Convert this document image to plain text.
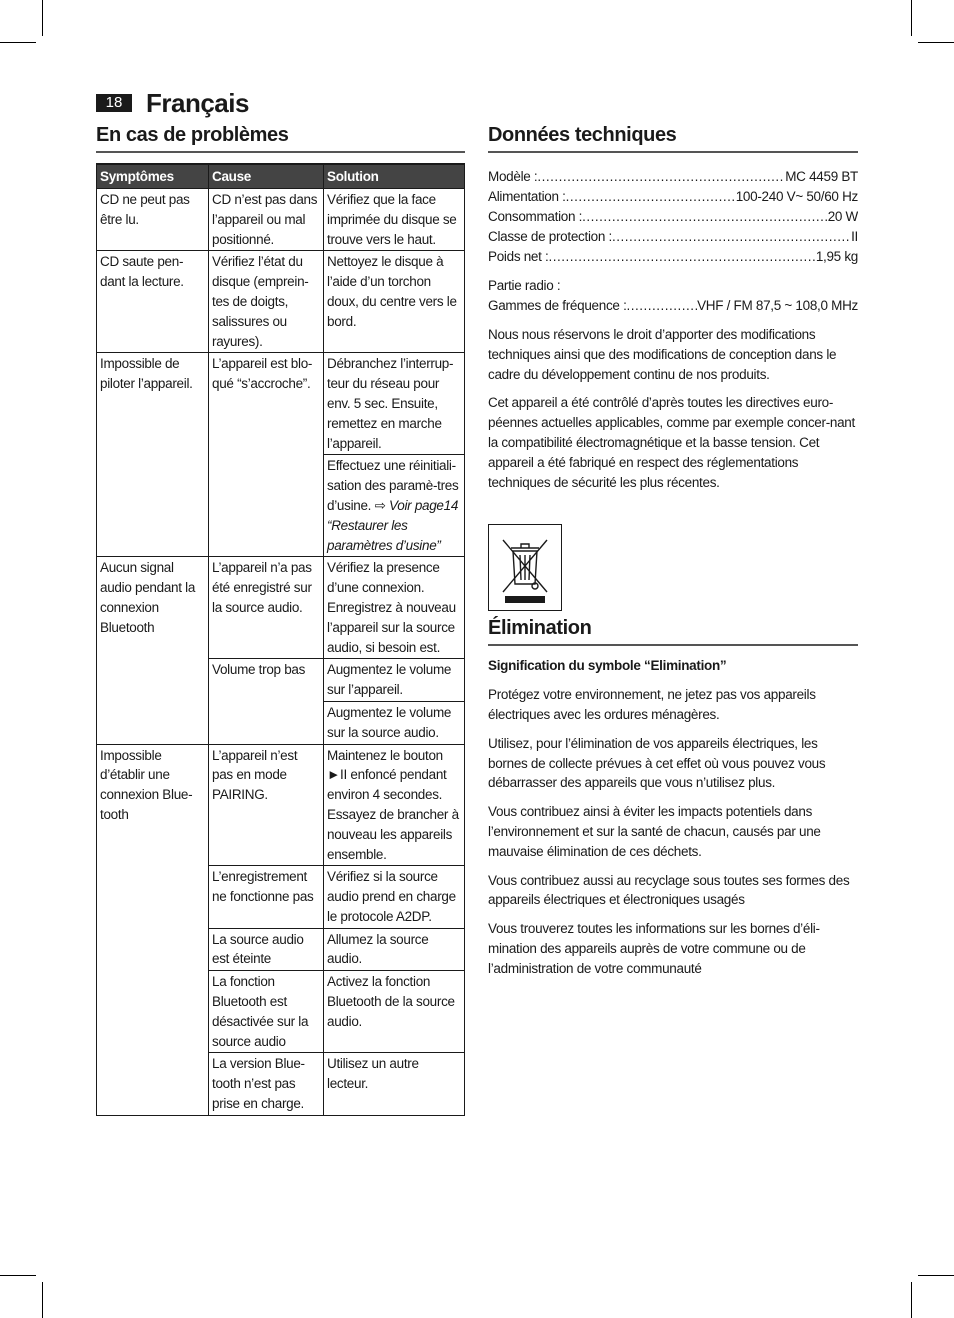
18 Français
En cas de problèmes
Symptômes	Cause	Solution
CD ne peut pas être lu.	CD n’est pas dans l’appareil ou mal positionné.	Vérifiez que la face imprimée du disque se trouve vers le haut.
CD saute pen-dant la lecture.	Vérifiez l’état du disque (emprein-tes de doigts, salissures ou rayures).	Nettoyez le disque à l’aide d’un torchon doux, du centre vers le bord.
Impossible de piloter l’appareil.	L’appareil est blo-qué “s’accroche”.	Débranchez l’interrup-teur du réseau pour env. 5 sec. Ensuite, remettez en marche l’appareil.
		Effectuez une réinitiali-sation des paramè-tres d’usine. ⇨ Voir page14 “Restaurer les paramètres d’usine”
Aucun signal audio pendant la connexion Bluetooth	L’appareil n’a pas été enregistré sur la source audio.	Vérifiez la presence d’une connexion. Enregistrez à nouveau l’appareil sur la source audio, si besoin est.
	Volume trop bas	Augmentez le volume sur l’appareil.
		Augmentez le volume sur la source audio.
Impossible d’établir une connexion Blue-tooth	L’appareil n’est pas en mode PAIRING.	Maintenez le bouton ►II enfoncé pendant environ 4 secondes. Essayez de brancher à nouveau les appareils ensemble.
	L’enregistrement ne fonctionne pas	Vérifiez si la source audio prend en charge le protocole A2DP.
	La source audio est éteinte	Allumez la source audio.
	La fonction Bluetooth est désactivée sur la source audio	Activez la fonction Bluetooth de la source audio.
	La version Blue-tooth n’est pas prise en charge.	Utilisez un autre lecteur.
Données techniques
Modèle : .....	MC 4459 BT
Alimentation : .....	100-240 V~ 50/60 Hz
Consommation : .....	20 W
Classe de protection : .....	II
Poids net : .....	1,95 kg
Partie radio :
Gammes de fréquence : .....	VHF / FM 87,5 ~ 108,0 MHz

Nous nous réservons le droit d’apporter des modifications techniques ainsi que des modifications de conception dans le cadre du développement continu de nos produits.

Cet appareil a été contrôlé d’après toutes les directives euro-péennes actuelles applicables, comme par exemple concer-nant la compatibilité électromagnétique et la basse tension. Cet appareil a été fabriqué en respect des réglementations techniques de sécurité les plus récentes.

Élimination

Signification du symbole “Elimination”

Protégez votre environnement, ne jetez pas vos appareils électriques avec les ordures ménagères.

Utilisez, pour l’élimination de vos appareils électriques, les bornes de collecte prévues à cet effet où vous pouvez vous débarrasser des appareils que vous n’utilisez plus.

Vous contribuez ainsi à éviter les impacts potentiels dans l’environnement et sur la santé de chacun, causés par une mauvaise élimination de ces déchets.

Vous contribuez aussi au recyclage sous toutes ses formes des appareils électriques et électroniques usagés

Vous trouverez toutes les informations sur les bornes d’éli-mination des appareils auprès de votre commune ou de l’administration de votre communauté
